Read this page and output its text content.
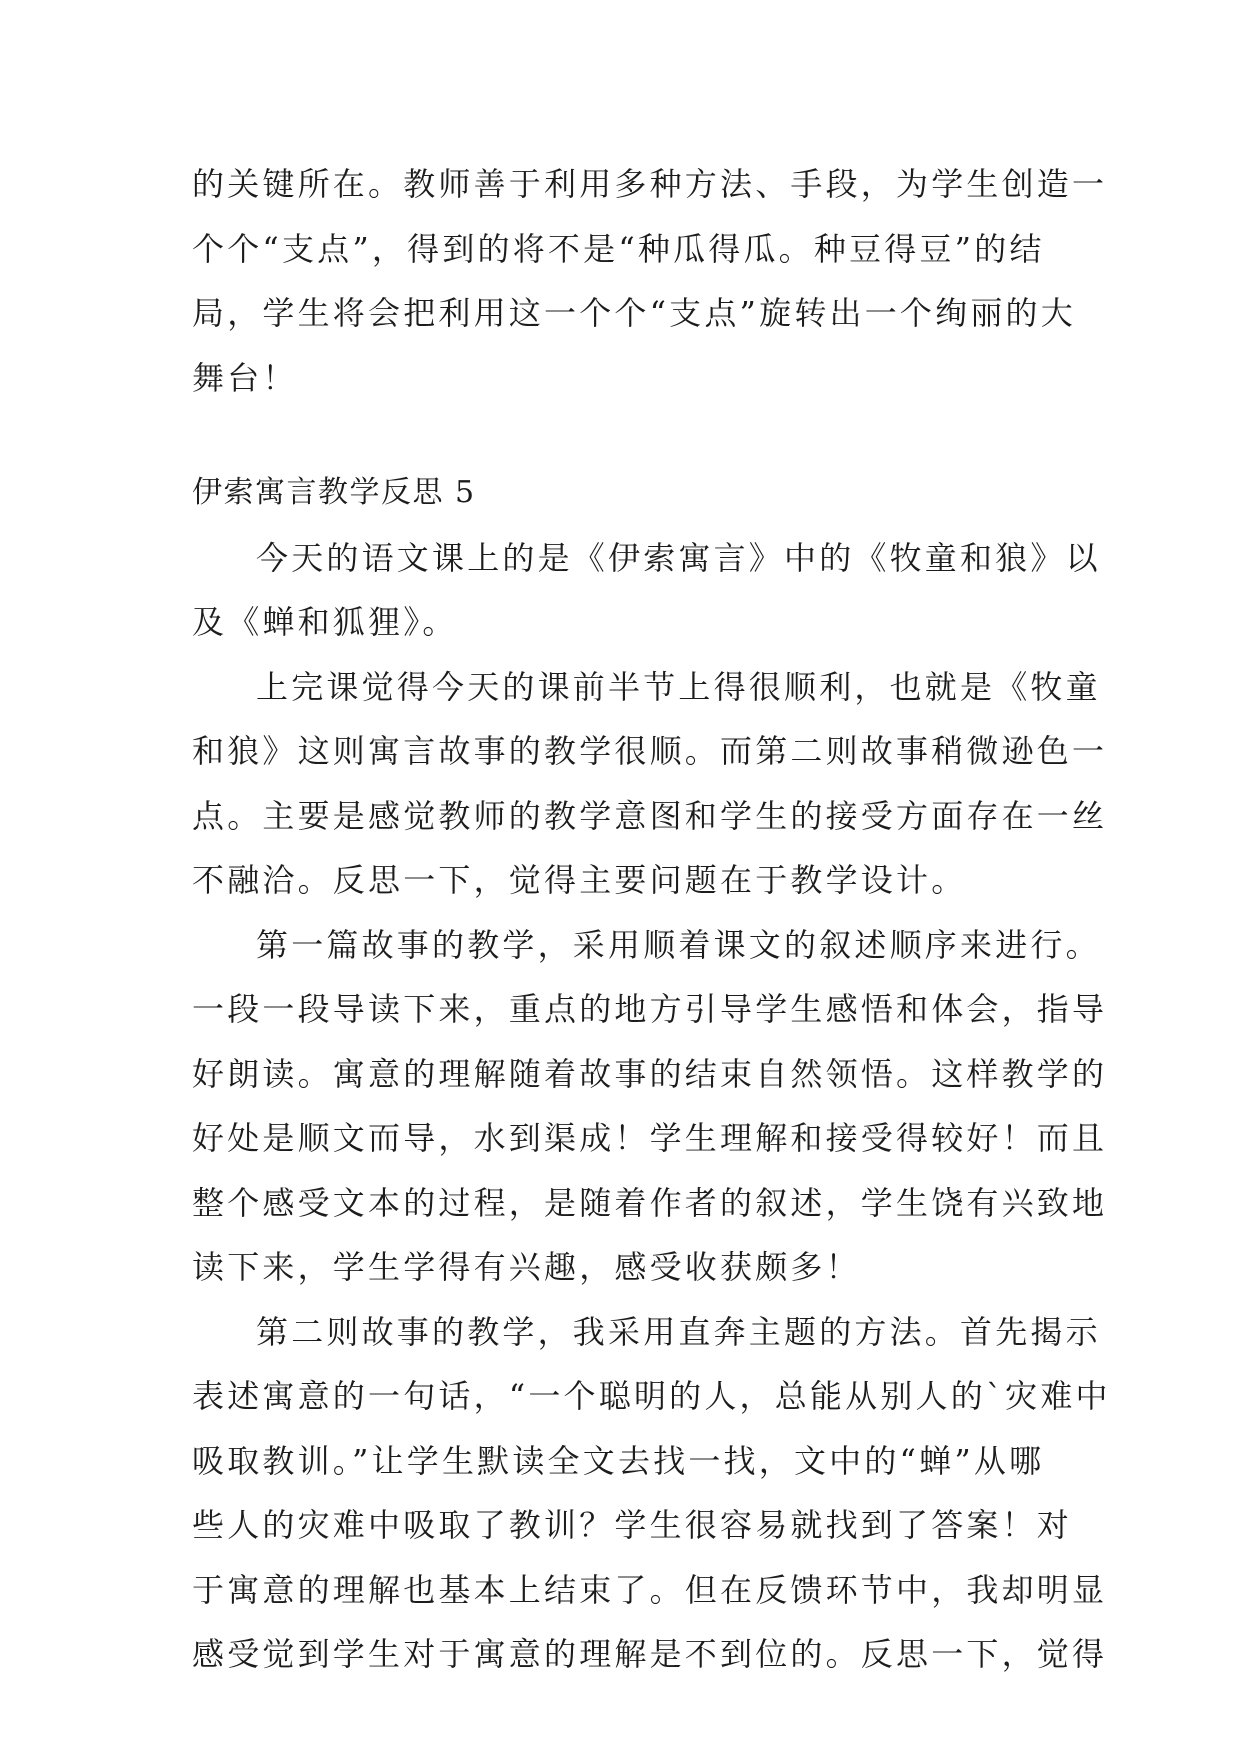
的关键所在。教师善于利用多种方法、手段，为学生创造一

个个“支点”，得到的将不是“种瓜得瓜。种豆得豆”的结

局，学生将会把利用这一个个“支点”旋转出一个绚丽的大

舞台！

伊索寓言教学反思 5

今天的语文课上的是《伊索寓言》中的《牧童和狼》以

及《蝉和狐狸》。

上完课觉得今天的课前半节上得很顺利，也就是《牧童

和狼》这则寓言故事的教学很顺。而第二则故事稍微逊色一

点。主要是感觉教师的教学意图和学生的接受方面存在一丝

不融洽。反思一下，觉得主要问题在于教学设计。

第一篇故事的教学，采用顺着课文的叙述顺序来进行。

一段一段导读下来，重点的地方引导学生感悟和体会，指导

好朗读。寓意的理解随着故事的结束自然领悟。这样教学的

好处是顺文而导，水到渠成！学生理解和接受得较好！而且

整个感受文本的过程，是随着作者的叙述，学生饶有兴致地

读下来，学生学得有兴趣，感受收获颇多！

第二则故事的教学，我采用直奔主题的方法。首先揭示

表述寓意的一句话，“一个聪明的人，总能从别人的`灾难中

吸取教训。”让学生默读全文去找一找，文中的“蝉”从哪

些人的灾难中吸取了教训？学生很容易就找到了答案！对

于寓意的理解也基本上结束了。但在反馈环节中，我却明显

感受觉到学生对于寓意的理解是不到位的。反思一下，觉得
